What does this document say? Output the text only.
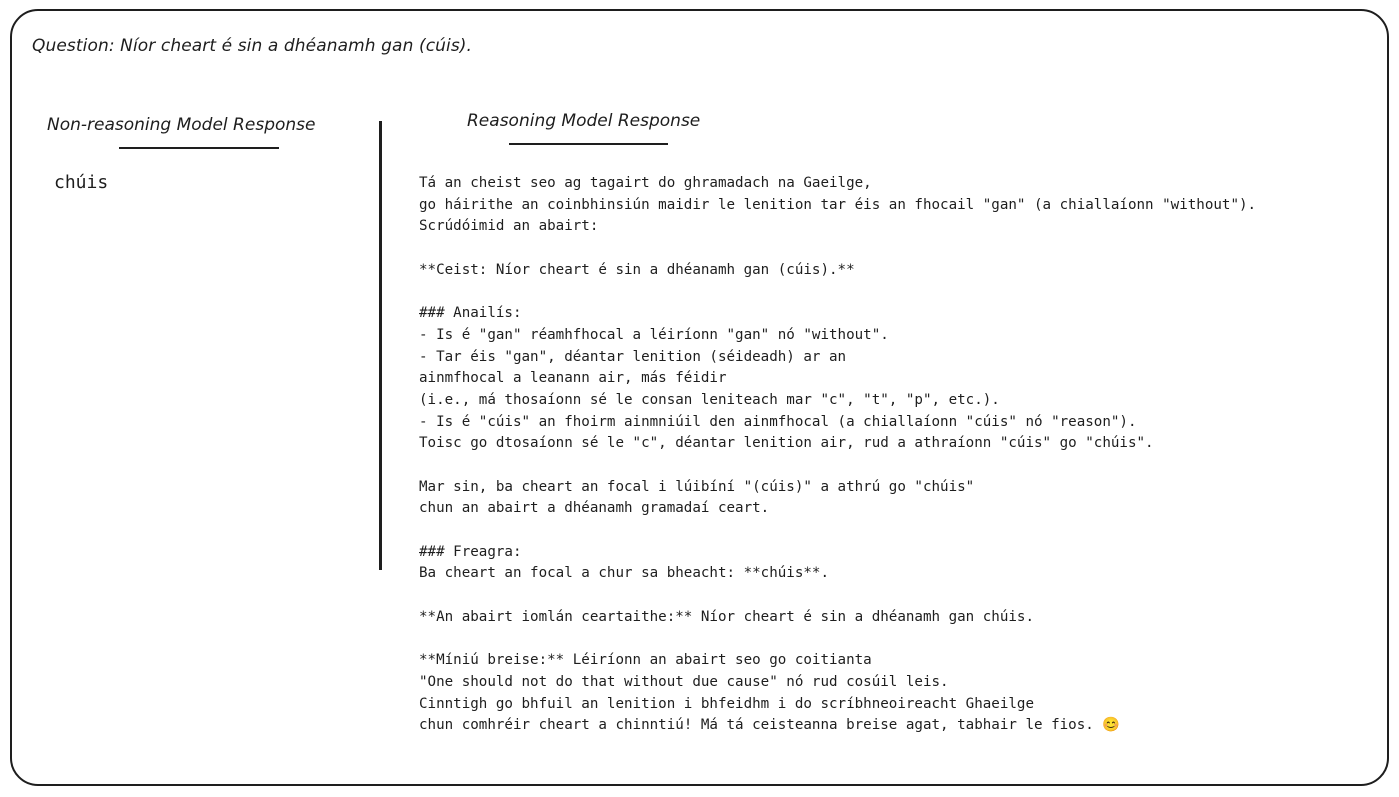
Question: Níor cheart é sin a dhéanamh gan (cúis).
Non-reasoning Model Response	Reasoning Model Response
chúis	Tá an cheist seo ag tagairt do ghramadach na Gaeilge,
go háirithe an coinbhinsiún maidir le lenition tar éis an fhocail "gan" (a chiallaíonn "without").
Scrúdóimid an abairt:
**Ceist: Níor cheart é sin a dhéanamh gan (cúis).**
### Anailís:
- Is é "gan" réamhfhocal a léiríonn "gan" nó "without".
- Tar éis "gan", déantar lenition (séideadh) ar an
ainmfhocal a leanann air, más féidir
(i.e., má thosaíonn sé le consan leniteach mar "c", "t", "p", etc.).
- Is é "cúis" an fhoirm ainmniúil den ainmfhocal (a chiallaíonn "cúis" nó "reason").
Toisc go dtosaíonn sé le "c", déantar lenition air, rud a athraíonn "cúis" go "chúis".
Mar sin, ba cheart an focal i lúibíní "(cúis)" a athrú go "chúis"
chun an abairt a dhéanamh gramadaí ceart.
### Freagra:
Ba cheart an focal a chur sa bheacht: **chúis**.
**An abairt iomlán ceartaithe:** Níor cheart é sin a dhéanamh gan chúis.
**Míniú breise:** Léiríonn an abairt seo go coitianta
"One should not do that without due cause" nó rud cosúil leis.
Cinntigh go bhfuil an lenition i bhfeidhm i do scríbhneoireacht Ghaeilge
chun comhréir cheart a chinntiú! Má tá ceisteanna breise agat, tabhair le fios. 😊
